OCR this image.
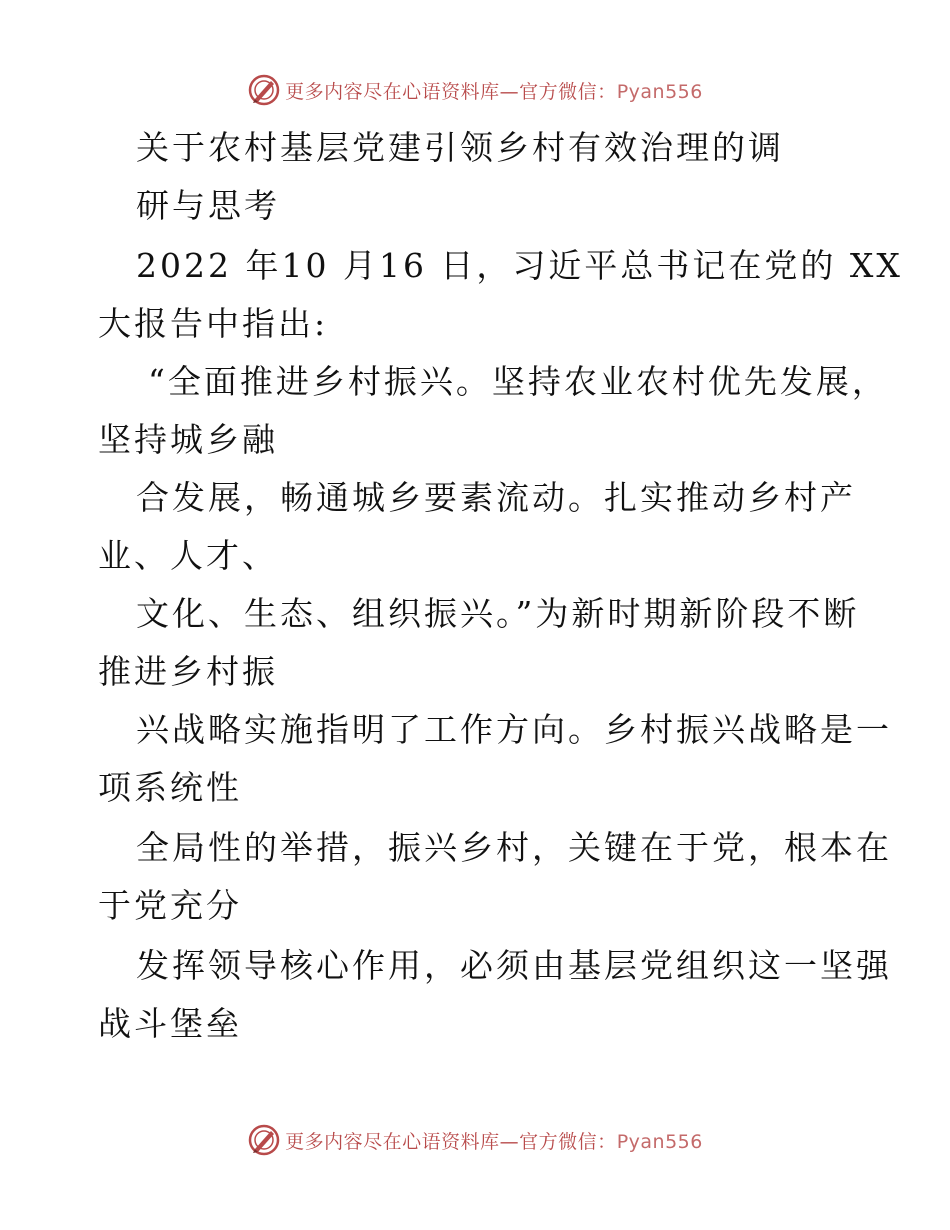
更多内容尽在心语资料库—官方微信：Pyan556
关于农村基层党建引领乡村有效治理的调
研与思考
2022 年10 月16 日，习近平总书记在党的 XX
大报告中指出:
“全面推进乡村振兴。坚持农业农村优先发展，
坚持城乡融
合发展，畅通城乡要素流动。扎实推动乡村产
业、人才、
文化、生态、组织振兴。”为新时期新阶段不断
推进乡村振
兴战略实施指明了工作方向。乡村振兴战略是一
项系统性
全局性的举措，振兴乡村，关键在于党，根本在
于党充分
发挥领导核心作用，必须由基层党组织这一坚强
战斗堡垒
更多内容尽在心语资料库—官方微信：Pyan556
